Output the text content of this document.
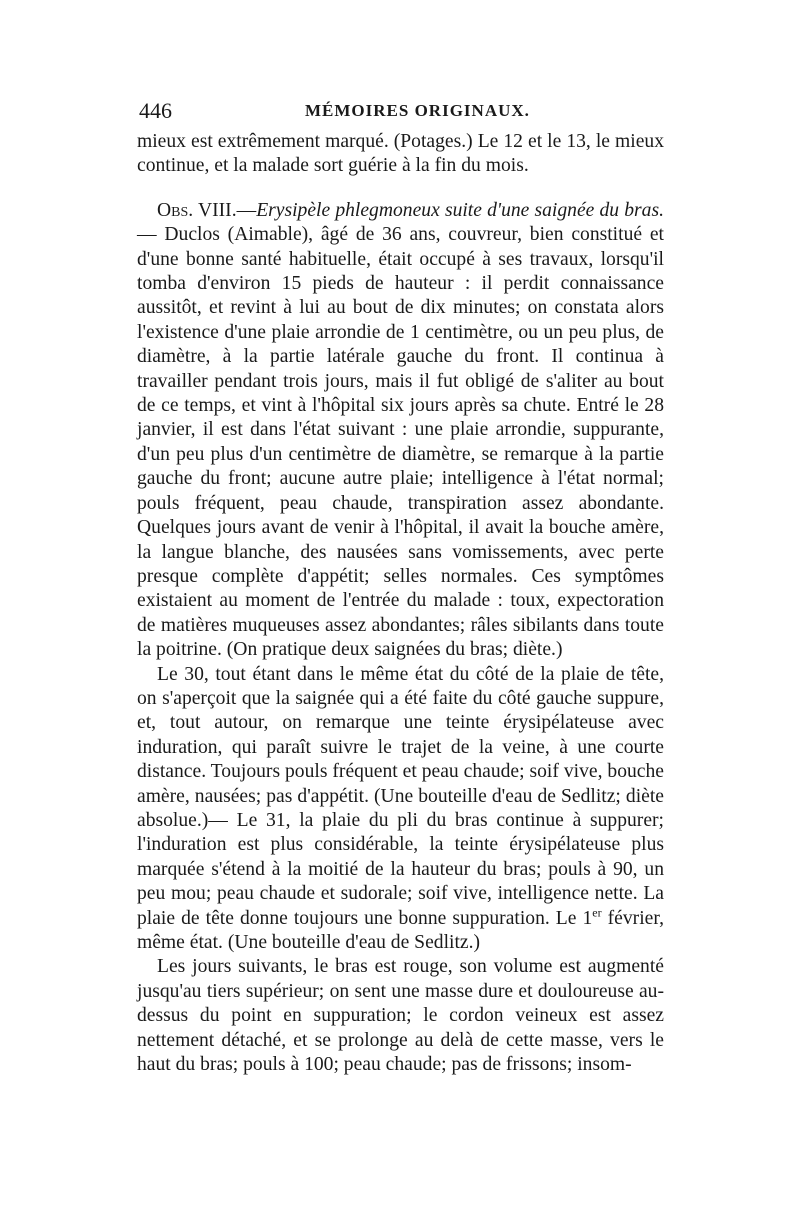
446	MÉMOIRES ORIGINAUX.

mieux est extrêmement marqué. (Potages.) Le 12 et le 13, le mieux continue, et la malade sort guérie à la fin du mois.

Obs. VIII.—Erysipèle phlegmoneux suite d'une saignée du bras.— Duclos (Aimable), âgé de 36 ans, couvreur, bien constitué et d'une bonne santé habituelle, était occupé à ses travaux, lorsqu'il tomba d'environ 15 pieds de hauteur : il perdit connaissance aussitôt, et revint à lui au bout de dix minutes; on constata alors l'existence d'une plaie arrondie de 1 centimètre, ou un peu plus, de diamètre, à la partie latérale gauche du front. Il continua à travailler pendant trois jours, mais il fut obligé de s'aliter au bout de ce temps, et vint à l'hôpital six jours après sa chute. Entré le 28 janvier, il est dans l'état suivant : une plaie arrondie, suppurante, d'un peu plus d'un centimètre de diamètre, se remarque à la partie gauche du front; aucune autre plaie; intelligence à l'état normal; pouls fréquent, peau chaude, transpiration assez abondante. Quelques jours avant de venir à l'hôpital, il avait la bouche amère, la langue blanche, des nausées sans vomissements, avec perte presque complète d'appétit; selles normales. Ces symptômes existaient au moment de l'entrée du malade : toux, expectoration de matières muqueuses assez abondantes; râles sibilants dans toute la poitrine. (On pratique deux saignées du bras; diète.)

Le 30, tout étant dans le même état du côté de la plaie de tête, on s'aperçoit que la saignée qui a été faite du côté gauche suppure, et, tout autour, on remarque une teinte érysipélateuse avec induration, qui paraît suivre le trajet de la veine, à une courte distance. Toujours pouls fréquent et peau chaude; soif vive, bouche amère, nausées; pas d'appétit. (Une bouteille d'eau de Sedlitz; diète absolue.)— Le 31, la plaie du pli du bras continue à suppurer; l'induration est plus considérable, la teinte érysipélateuse plus marquée s'étend à la moitié de la hauteur du bras; pouls à 90, un peu mou; peau chaude et sudorale; soif vive, intelligence nette. La plaie de tête donne toujours une bonne suppuration. Le 1er février, même état. (Une bouteille d'eau de Sedlitz.)

Les jours suivants, le bras est rouge, son volume est augmenté jusqu'au tiers supérieur; on sent une masse dure et douloureuse au-dessus du point en suppuration; le cordon veineux est assez nettement détaché, et se prolonge au delà de cette masse, vers le haut du bras; pouls à 100; peau chaude; pas de frissons; insom-
